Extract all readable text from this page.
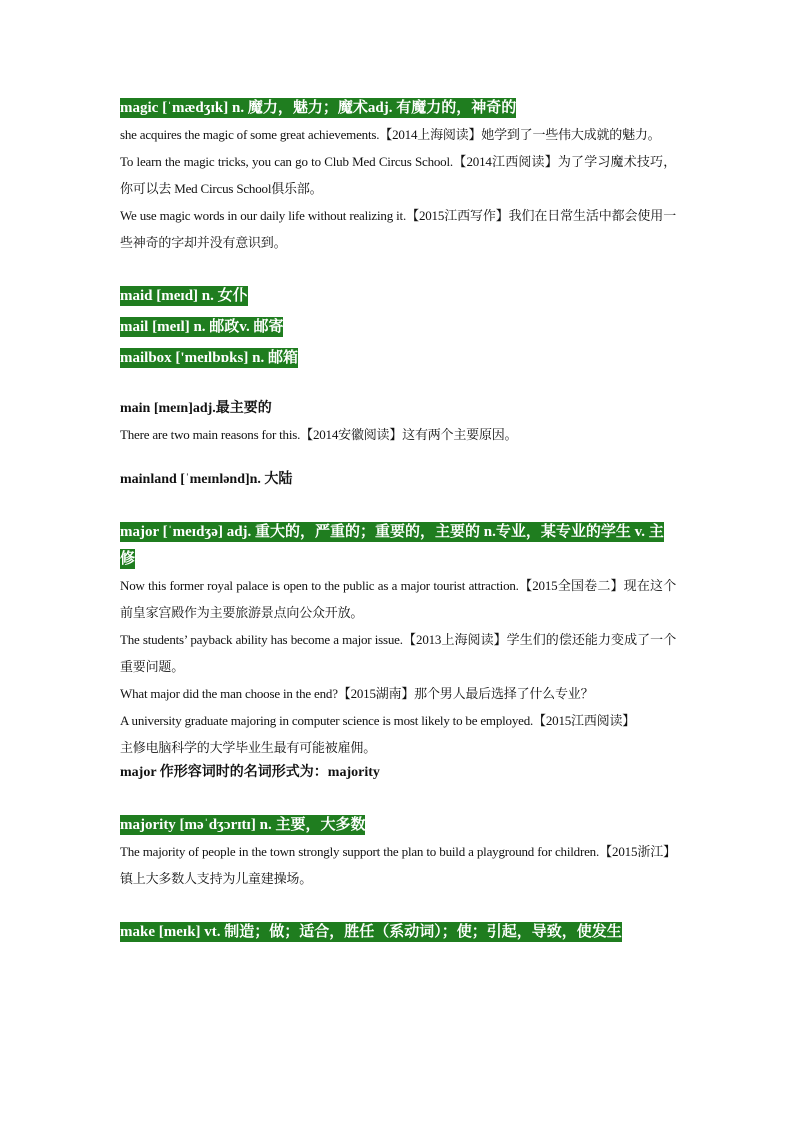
magic [ˈmædʒɪk] n. 魔力，魅力；魔术adj. 有魔力的，神奇的
she acquires the magic of some great achievements.【2014上海阅读】她学到了一些伟大成就的魅力。
To learn the magic tricks, you can go to Club Med Circus School.【2014江西阅读】为了学习魔术技巧，你可以去 Med Circus School俱乐部。
We use magic words in our daily life without realizing it.【2015江西写作】我们在日常生活中都会使用一些神奇的字却并没有意识到。
maid [meɪd] n. 女仆
mail [meɪl] n. 邮政v. 邮寄
mailbox ['meɪlbɒks] n. 邮箱
main [meɪn]adj.最主要的
There are two main reasons for this.【2014安徽阅读】这有两个主要原因。
mainland [ˈmeɪnlənd]n. 大陆
major [ˈmeɪdʒə] adj. 重大的，严重的；重要的，主要的 n.专业，某专业的学生 v. 主修
Now this former royal palace is open to the public as a major tourist attraction.【2015全国卷二】现在这个前皇家宫殿作为主要旅游景点向公众开放。
The students’ payback ability has become a major issue.【2013上海阅读】学生们的偿还能力变成了一个重要问题。
What major did the man choose in the end?【2015湖南】那个男人最后选择了什么专业？
A university graduate majoring in computer science is most likely to be employed.【2015江西阅读】
主修电脑科学的大学毕业生最有可能被雇佣。
major 作形容词时的名词形式为：majority
majority [məˈdʒɔrɪtɪ] n. 主要，大多数
The majority of people in the town strongly support the plan to build a playground for children.【2015浙江】镇上大多数人支持为儿童建操场。
make [meɪk] vt. 制造；做；适合，胜任（系动词）；使；引起，导致，使发生
